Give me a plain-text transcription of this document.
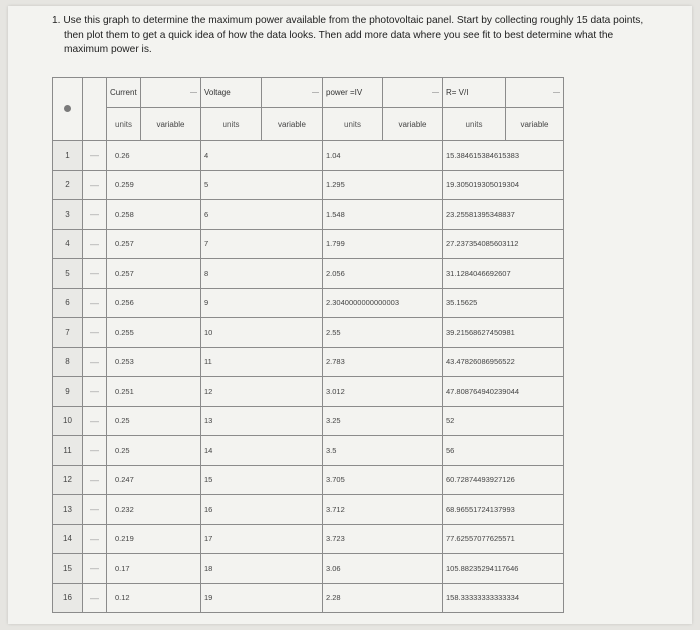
1. Use this graph to determine the maximum power available from the photovoltaic panel. Start by collecting roughly 15 data points,
then plot them to get a quick idea of how the data looks. Then add more data where you see fit to best determine what the
maximum power is.
		Current	—	Voltage	—	power =IV	—	R= V/I	—
		units	variable	units	variable	units	variable	units	variable
1	—	0.26		4		1.04		15.384615384615383	
2	—	0.259		5		1.295		19.305019305019304	
3	—	0.258		6		1.548		23.25581395348837	
4	—	0.257		7		1.799		27.237354085603112	
5	—	0.257		8		2.056		31.1284046692607	
6	—	0.256		9		2.3040000000000003		35.15625	
7	—	0.255		10		2.55		39.21568627450981	
8	—	0.253		11		2.783		43.47826086956522	
9	—	0.251		12		3.012		47.808764940239044	
10	—	0.25		13		3.25		52	
11	—	0.25		14		3.5		56	
12	—	0.247		15		3.705		60.72874493927126	
13	—	0.232		16		3.712		68.96551724137993	
14	—	0.219		17		3.723		77.62557077625571	
15	—	0.17		18		3.06		105.88235294117646	
16	—	0.12		19		2.28		158.33333333333334	
